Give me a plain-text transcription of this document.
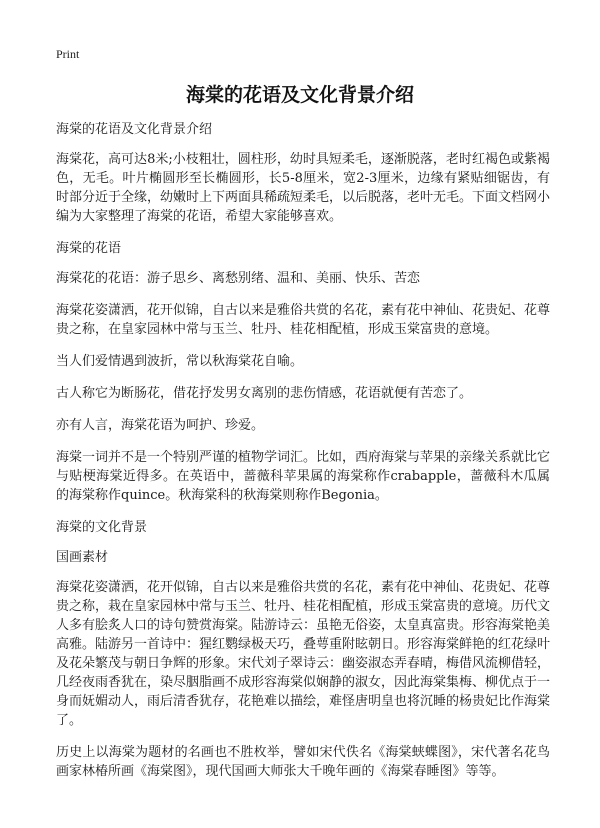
Print
海棠的花语及文化背景介绍

海棠的花语及文化背景介绍

海棠花，高可达8米;小枝粗壮，圆柱形，幼时具短柔毛，逐渐脱落，老时红褐色或紫褐色，无毛。叶片椭圆形至长椭圆形，长5-8厘米，宽2-3厘米，边缘有紧贴细锯齿，有时部分近于全缘，幼嫩时上下两面具稀疏短柔毛，以后脱落，老叶无毛。下面文档网小编为大家整理了海棠的花语，希望大家能够喜欢。

海棠的花语

海棠花的花语：游子思乡、离愁别绪、温和、美丽、快乐、苦恋

海棠花姿潇洒，花开似锦，自古以来是雅俗共赏的名花，素有花中神仙、花贵妃、花尊贵之称，在皇家园林中常与玉兰、牡丹、桂花相配植，形成玉棠富贵的意境。

当人们爱情遇到波折，常以秋海棠花自喻。

古人称它为断肠花，借花抒发男女离别的悲伤情感，花语就便有苦恋了。

亦有人言，海棠花语为呵护、珍爱。

海棠一词并不是一个特别严谨的植物学词汇。比如，西府海棠与苹果的亲缘关系就比它与贴梗海棠近得多。在英语中，蔷薇科苹果属的海棠称作crabapple，蔷薇科木瓜属的海棠称作quince。秋海棠科的秋海棠则称作Begonia。

海棠的文化背景

国画素材

海棠花姿潇洒，花开似锦，自古以来是雅俗共赏的名花，素有花中神仙、花贵妃、花尊贵之称，栽在皇家园林中常与玉兰、牡丹、桂花相配植，形成玉棠富贵的意境。历代文人多有脍炙人口的诗句赞赏海棠。陆游诗云：虽艳无俗姿，太皇真富贵。形容海棠艳美高雅。陆游另一首诗中：猩红鹦绿极天巧，叠萼重附眩朝日。形容海棠鲜艳的红花绿叶及花朵繁茂与朝日争辉的形象。宋代刘子翠诗云：幽姿淑态弄春晴，梅借风流柳借轻，几经夜雨香犹在，染尽胭脂画不成形容海棠似娴静的淑女，因此海棠集梅、柳优点于一身而妩媚动人，雨后清香犹存，花艳难以描绘，难怪唐明皇也将沉睡的杨贵妃比作海棠了。

历史上以海棠为题材的名画也不胜枚举，譬如宋代佚名《海棠蛱蝶图》，宋代著名花鸟画家林椿所画《海棠图》，现代国画大师张大千晚年画的《海棠春睡图》等等。
